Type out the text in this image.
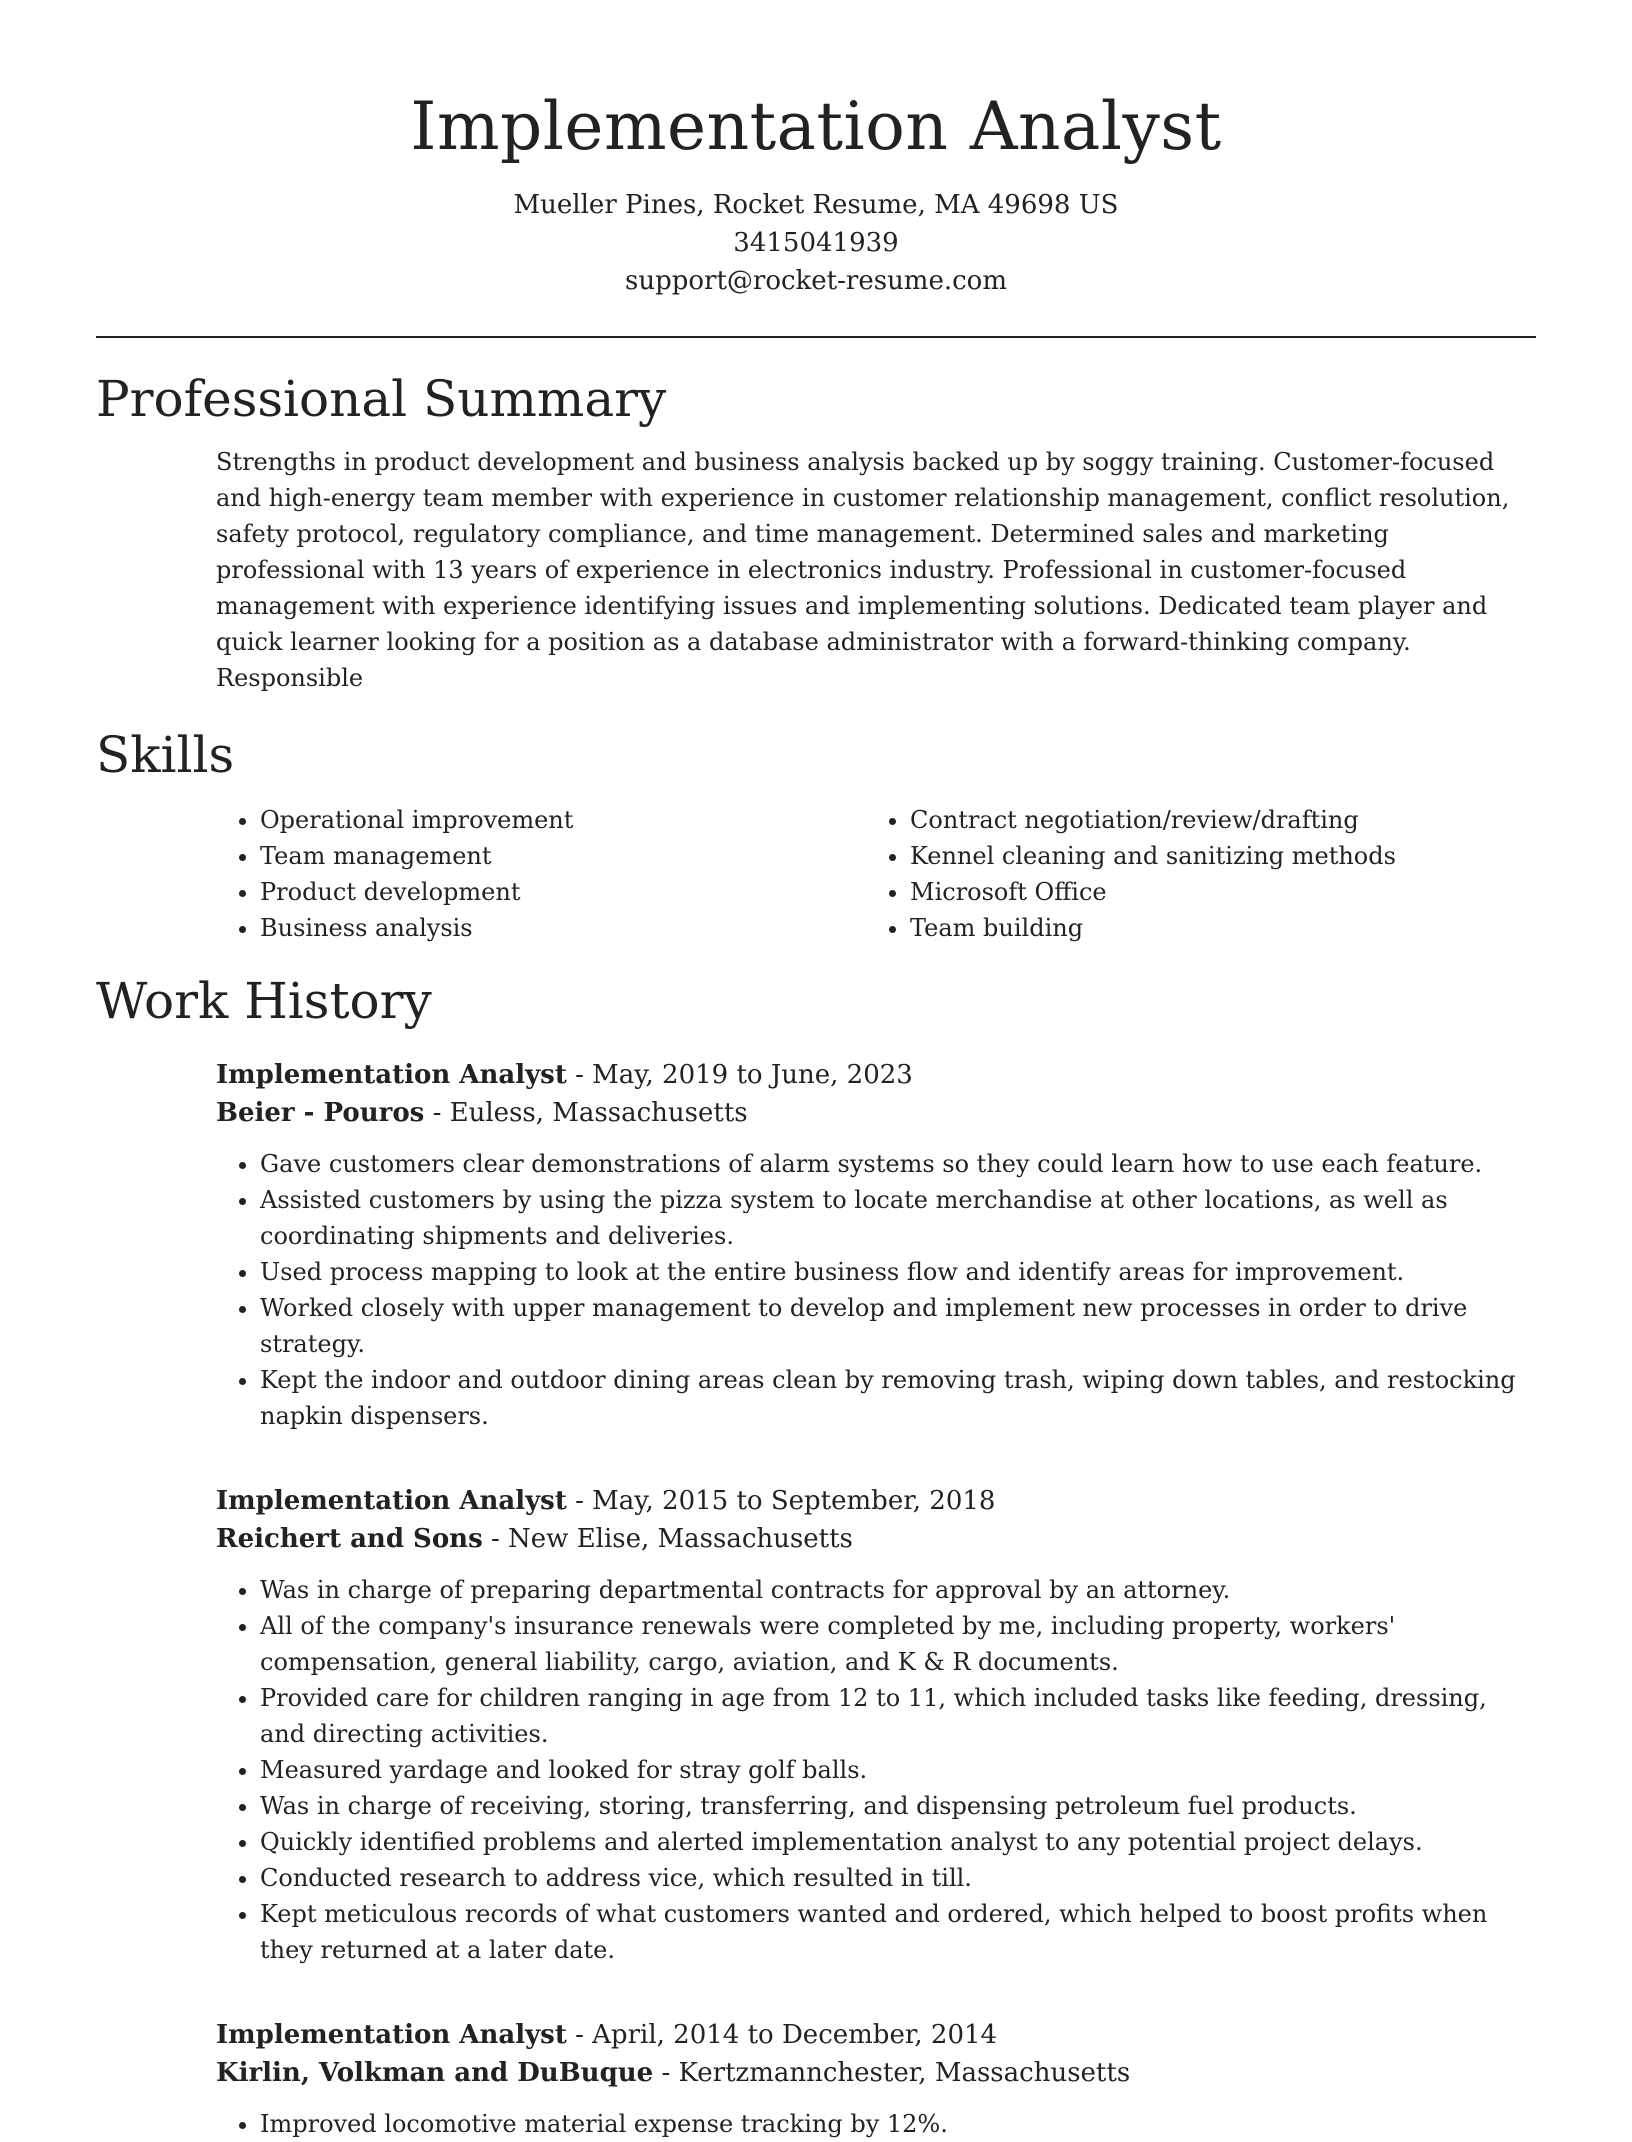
Implementation Analyst
Mueller Pines, Rocket Resume, MA 49698 US
3415041939
support@rocket-resume.com
Professional Summary

Strengths in product development and business analysis backed up by soggy training. Customer-focused and high-energy team member with experience in customer relationship management, conflict resolution, safety protocol, regulatory compliance, and time management. Determined sales and marketing professional with 13 years of experience in electronics industry. Professional in customer-focused management with experience identifying issues and implementing solutions. Dedicated team player and quick learner looking for a position as a database administrator with a forward-thinking company. Responsible

Skills
• Operational improvement
• Team management
• Product development
• Business analysis
• Contract negotiation/review/drafting
• Kennel cleaning and sanitizing methods
• Microsoft Office
• Team building
Work History
Implementation Analyst - May, 2019 to June, 2023
Beier - Pouros - Euless, Massachusetts
• Gave customers clear demonstrations of alarm systems so they could learn how to use each feature.
• Assisted customers by using the pizza system to locate merchandise at other locations, as well as coordinating shipments and deliveries.
• Used process mapping to look at the entire business flow and identify areas for improvement.
• Worked closely with upper management to develop and implement new processes in order to drive strategy.
• Kept the indoor and outdoor dining areas clean by removing trash, wiping down tables, and restocking napkin dispensers.
Implementation Analyst - May, 2015 to September, 2018
Reichert and Sons - New Elise, Massachusetts
• Was in charge of preparing departmental contracts for approval by an attorney.
• All of the company's insurance renewals were completed by me, including property, workers' compensation, general liability, cargo, aviation, and K & R documents.
• Provided care for children ranging in age from 12 to 11, which included tasks like feeding, dressing, and directing activities.
• Measured yardage and looked for stray golf balls.
• Was in charge of receiving, storing, transferring, and dispensing petroleum fuel products.
• Quickly identified problems and alerted implementation analyst to any potential project delays.
• Conducted research to address vice, which resulted in till.
• Kept meticulous records of what customers wanted and ordered, which helped to boost profits when they returned at a later date.
Implementation Analyst - April, 2014 to December, 2014
Kirlin, Volkman and DuBuque - Kertzmannchester, Massachusetts
• Improved locomotive material expense tracking by 12%.
